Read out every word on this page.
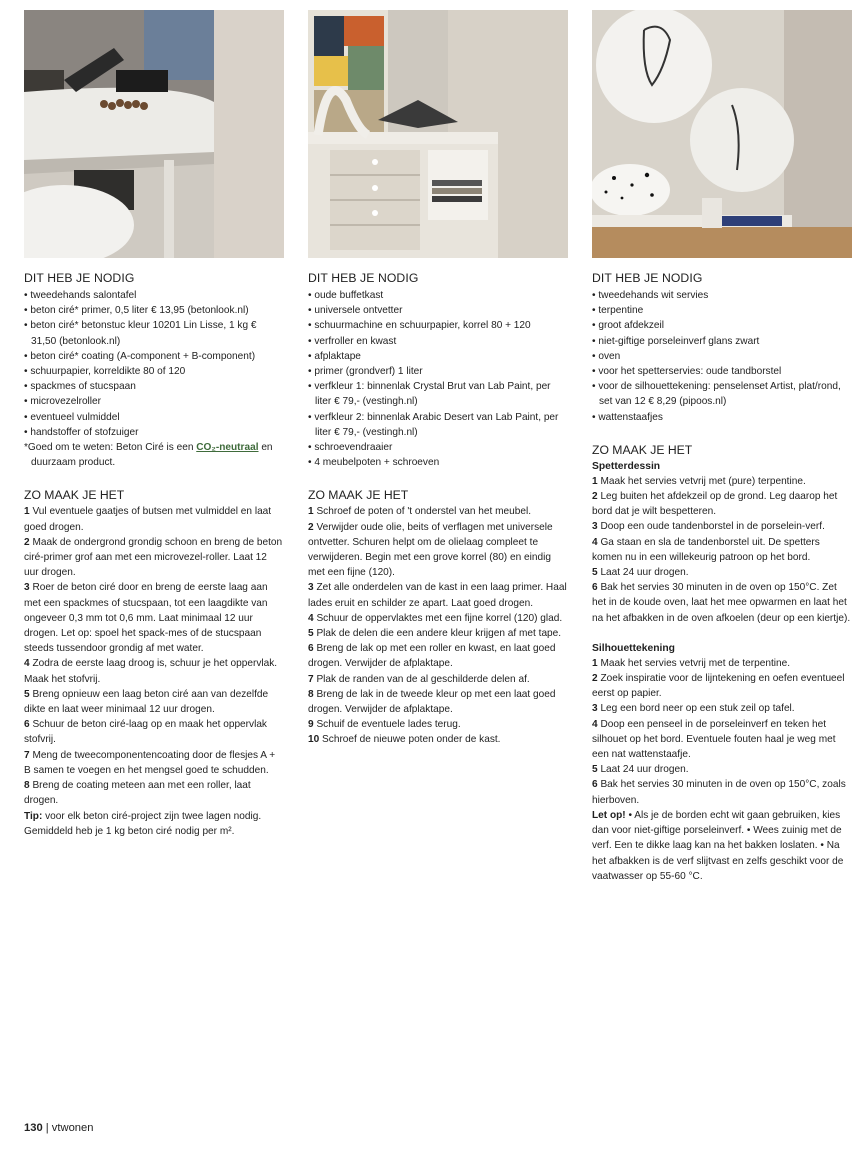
DIT HEB JE NODIG
• tweedehands salontafel
• beton ciré* primer, 0,5 liter € 13,95 (betonlook.nl)
• beton ciré* betonstuc kleur 10201 Lin Lisse, 1 kg € 31,50 (betonlook.nl)
• beton ciré* coating (A-component + B-component)
• schuurpapier, korreldikte 80 of 120
• spackmes of stucspaan
• microvezelroller
• eventueel vulmiddel
• handstoffer of stofzuiger
*Goed om te weten: Beton Ciré is een CO₂-neutraal en duurzaam product.
ZO MAAK JE HET

1 Vul eventuele gaatjes of butsen met vulmiddel en laat goed drogen.

2 Maak de ondergrond grondig schoon en breng de beton ciré-primer grof aan met een microvezel-roller. Laat 12 uur drogen.

3 Roer de beton ciré door en breng de eerste laag aan met een spackmes of stucspaan, tot een laagdikte van ongeveer 0,3 mm tot 0,6 mm. Laat minimaal 12 uur drogen. Let op: spoel het spack-mes of de stucspaan steeds tussendoor grondig af met water.

4 Zodra de eerste laag droog is, schuur je het oppervlak. Maak het stofvrij.

5 Breng opnieuw een laag beton ciré aan van dezelfde dikte en laat weer minimaal 12 uur drogen.

6 Schuur de beton ciré-laag op en maak het oppervlak stofvrij.

7 Meng de tweecomponentencoating door de flesjes A + B samen te voegen en het mengsel goed te schudden.

8 Breng de coating meteen aan met een roller, laat drogen.

Tip: voor elk beton ciré-project zijn twee lagen nodig. Gemiddeld heb je 1 kg beton ciré nodig per m².

DIT HEB JE NODIG
• oude buffetkast
• universele ontvetter
• schuurmachine en schuurpapier, korrel 80 + 120
• verfroller en kwast
• afplaktape
• primer (grondverf) 1 liter
• verfkleur 1: binnenlak Crystal Brut van Lab Paint, per liter € 79,- (vestingh.nl)
• verfkleur 2: binnenlak Arabic Desert van Lab Paint, per liter € 79,- (vestingh.nl)
• schroevendraaier
• 4 meubelpoten + schroeven
ZO MAAK JE HET

1 Schroef de poten of 't onderstel van het meubel.

2 Verwijder oude olie, beits of verflagen met universele ontvetter. Schuren helpt om de olielaag compleet te verwijderen. Begin met een grove korrel (80) en eindig met een fijne (120).

3 Zet alle onderdelen van de kast in een laag primer. Haal lades eruit en schilder ze apart. Laat goed drogen.

4 Schuur de oppervlaktes met een fijne korrel (120) glad.

5 Plak de delen die een andere kleur krijgen af met tape.

6 Breng de lak op met een roller en kwast, en laat goed drogen. Verwijder de afplaktape.

7 Plak de randen van de al geschilderde delen af.

8 Breng de lak in de tweede kleur op met een laat goed drogen. Verwijder de afplaktape.

9 Schuif de eventuele lades terug.

10 Schroef de nieuwe poten onder de kast.

DIT HEB JE NODIG
• tweedehands wit servies
• terpentine
• groot afdekzeil
• niet-giftige porseleinverf glans zwart
• oven
• voor het spetterservies: oude tandborstel
• voor de silhouettekening: penselenset Artist, plat/rond, set van 12 € 8,29 (pipoos.nl)
• wattenstaafjes
ZO MAAK JE HET
Spetterdessin

1 Maak het servies vetvrij met (pure) terpentine.

2 Leg buiten het afdekzeil op de grond. Leg daarop het bord dat je wilt bespetteren.

3 Doop een oude tandenborstel in de porselein-verf.

4 Ga staan en sla de tandenborstel uit. De spetters komen nu in een willekeurig patroon op het bord.

5 Laat 24 uur drogen.

6 Bak het servies 30 minuten in de oven op 150°C. Zet het in de koude oven, laat het mee opwarmen en laat het na het afbakken in de oven afkoelen (deur op een kiertje).

Silhouettekening

1 Maak het servies vetvrij met de terpentine.

2 Zoek inspiratie voor de lijntekening en oefen eventueel eerst op papier.

3 Leg een bord neer op een stuk zeil op tafel.

4 Doop een penseel in de porseleinverf en teken het silhouet op het bord. Eventuele fouten haal je weg met een nat wattenstaafje.

5 Laat 24 uur drogen.

6 Bak het servies 30 minuten in de oven op 150°C, zoals hierboven.

Let op! • Als je de borden echt wit gaan gebruiken, kies dan voor niet-giftige porseleinverf. • Wees zuinig met de verf. Een te dikke laag kan na het bakken loslaten. • Na het afbakken is de verf slijtvast en zelfs geschikt voor de vaatwasser op 55-60 °C.

130 | vtwonen
